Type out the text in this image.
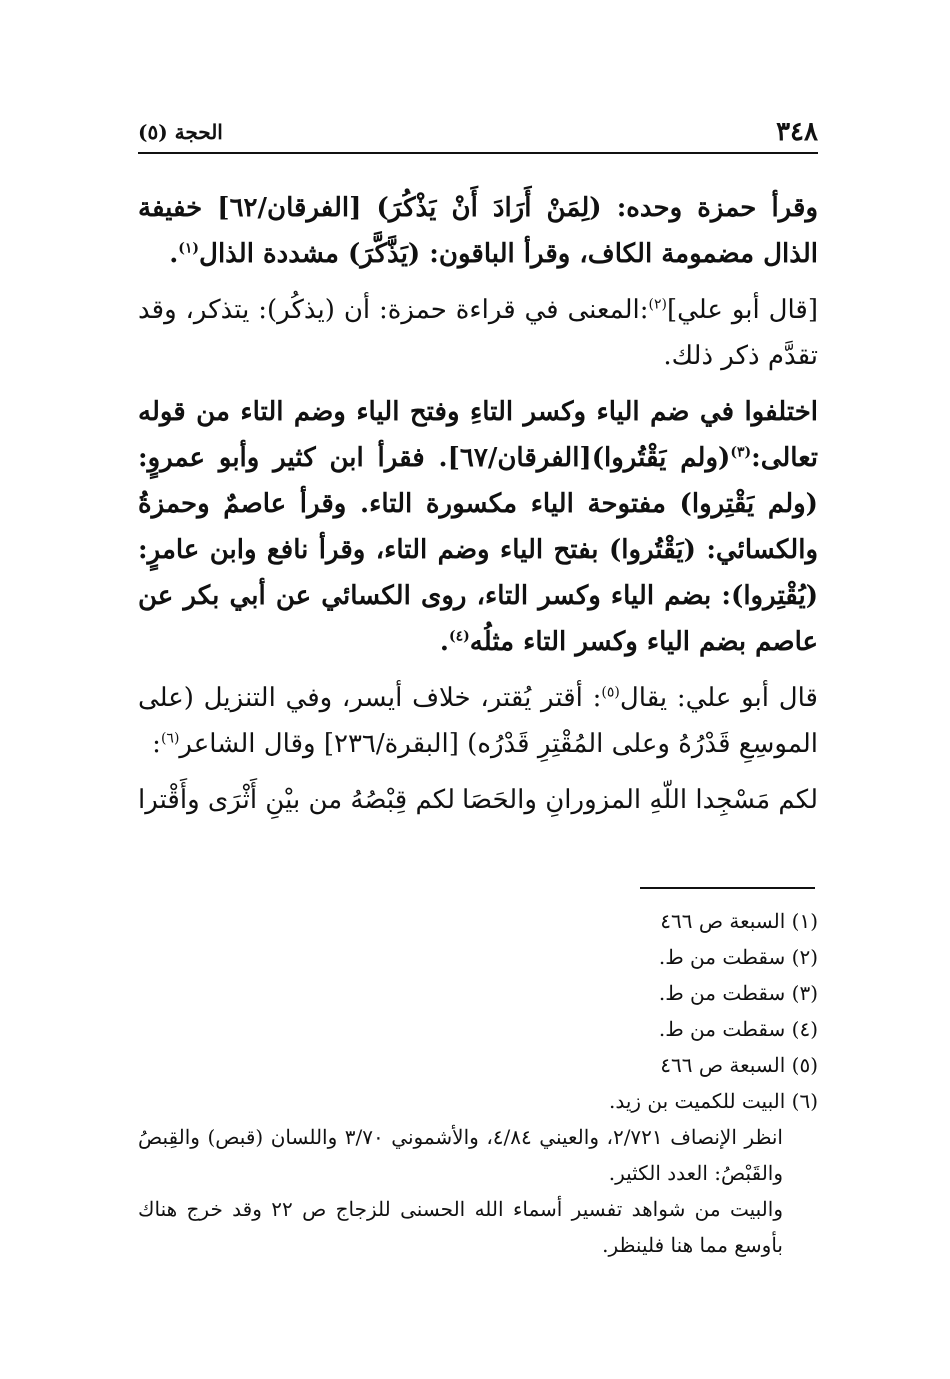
٣٤٨
الحجة (٥)

وقرأ حمزة وحده: (لِمَنْ أَرَادَ أَنْ يَذْكُرَ) [الفرقان/٦٢] خفيفة الذال مضمومة الكاف، وقرأ الباقون: (يَذَّكَّرَ) مشددة الذال$^{(١)}$.

[قال أبو علي]$^{(٢)}$:المعنى في قراءة حمزة: أن (يذكُر): يتذكر، وقد تقدَّم ذكر ذلك.

اختلفوا في ضم الياء وكسر التاءِ وفتح الياء وضم التاء من قوله تعالى:$^{(٣)}$(ولم يَقْتُروا)[الفرقان/٦٧]. فقرأ ابن كثير وأبو عمروٍ: (ولم يَقْتِروا) مفتوحة الياء مكسورة التاء. وقرأ عاصمٌ وحمزةُ والكسائي: (يَقْتُروا) بفتح الياء وضم التاء، وقرأ نافع وابن عامرٍ: (يُقْتِروا): بضم الياء وكسر التاء، روى الكسائي عن أبي بكر عن عاصم بضم الياء وكسر التاء مثلُه$^{(٤)}$.

قال أبو علي: يقال$^{(٥)}$: أقتر يُقتر، خلاف أيسر، وفي التنزيل (على الموسِعِ قَدْرُهُ وعلى المُقْتِرِ قَدْرُه) [البقرة/٢٣٦] وقال الشاعر$^{(٦)}$:

لكم مَسْجِدا اللّهِ المزورانِ والحَصَا
لكم قِبْصُهُ من بيْنِ أَثْرَى وأَقْترا

(١) السبعة ص ٤٦٦

(٢) سقطت من ط.

(٣) سقطت من ط.

(٤) سقطت من ط.

(٥) السبعة ص ٤٦٦

(٦) البيت للكميت بن زيد.

انظر الإنصاف ٢/٧٢١، والعيني ٤/٨٤، والأشموني ٣/٧٠ واللسان (قبص) والقِبصُ والقَبْصُ: العدد الكثير.

والبيت من شواهد تفسير أسماء الله الحسنى للزجاج ص ٢٢ وقد خرج هناك بأوسع مما هنا فلينظر.
